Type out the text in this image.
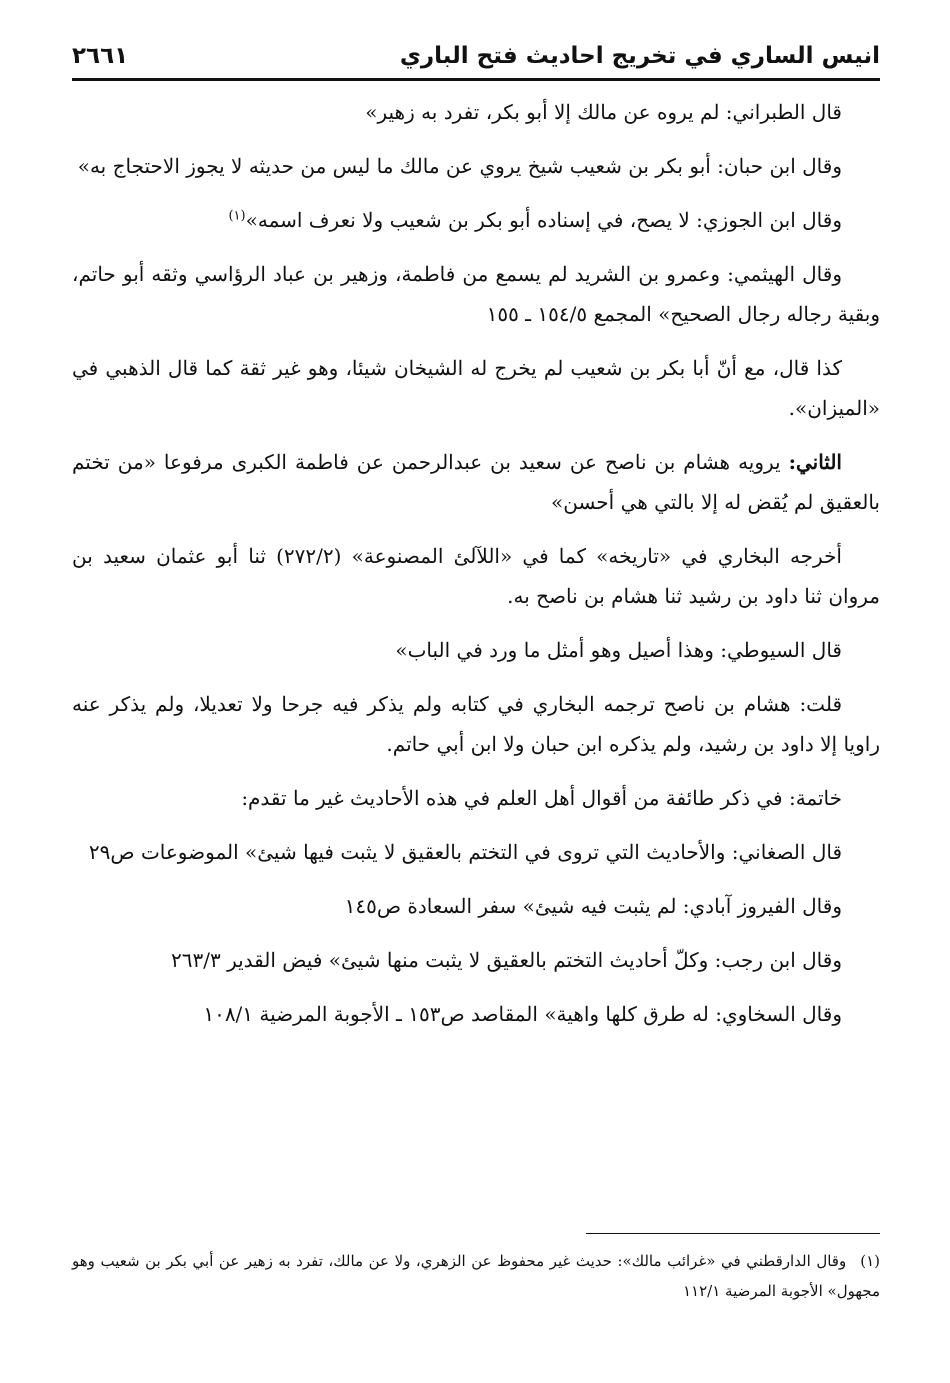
انيس الساري في تخريج احاديث فتح الباري
٢٦٦١

قال الطبراني: لم يروه عن مالك إلا أبو بكر، تفرد به زهير»

وقال ابن حبان: أبو بكر بن شعيب شيخ يروي عن مالك ما ليس من حديثه لا يجوز الاحتجاج به»

وقال ابن الجوزي: لا يصح، في إسناده أبو بكر بن شعيب ولا نعرف اسمه»$^{(١)}$

وقال الهيثمي: وعمرو بن الشريد لم يسمع من فاطمة، وزهير بن عباد الرؤاسي وثقه أبو حاتم، وبقية رجاله رجال الصحيح» المجمع ١٥٤/٥ ـ ١٥٥

كذا قال، مع أنّ أبا بكر بن شعيب لم يخرج له الشيخان شيئا، وهو غير ثقة كما قال الذهبي في «الميزان».

الثاني: يرويه هشام بن ناصح عن سعيد بن عبدالرحمن عن فاطمة الكبرى مرفوعا «من تختم بالعقيق لم يُقض له إلا بالتي هي أحسن»

أخرجه البخاري في «تاريخه» كما في «اللآلئ المصنوعة» (٢٧٢/٢) ثنا أبو عثمان سعيد بن مروان ثنا داود بن رشيد ثنا هشام بن ناصح به.

قال السيوطي: وهذا أصيل وهو أمثل ما ورد في الباب»

قلت: هشام بن ناصح ترجمه البخاري في كتابه ولم يذكر فيه جرحا ولا تعديلا، ولم يذكر عنه راويا إلا داود بن رشيد، ولم يذكره ابن حبان ولا ابن أبي حاتم.

خاتمة: في ذكر طائفة من أقوال أهل العلم في هذه الأحاديث غير ما تقدم:

قال الصغاني: والأحاديث التي تروى في التختم بالعقيق لا يثبت فيها شيئ» الموضوعات ص٢٩

وقال الفيروز آبادي: لم يثبت فيه شيئ» سفر السعادة ص١٤٥

وقال ابن رجب: وكلّ أحاديث التختم بالعقيق لا يثبت منها شيئ» فيض القدير ٢٦٣/٣

وقال السخاوي: له طرق كلها واهية» المقاصد ص١٥٣ ـ الأجوبة المرضية ١٠٨/١

(١)وقال الدارقطني في «غرائب مالك»: حديث غير محفوظ عن الزهري، ولا عن مالك، تفرد به زهير عن أبي بكر بن شعيب وهو مجهول» الأجوبة المرضية ١١٢/١
